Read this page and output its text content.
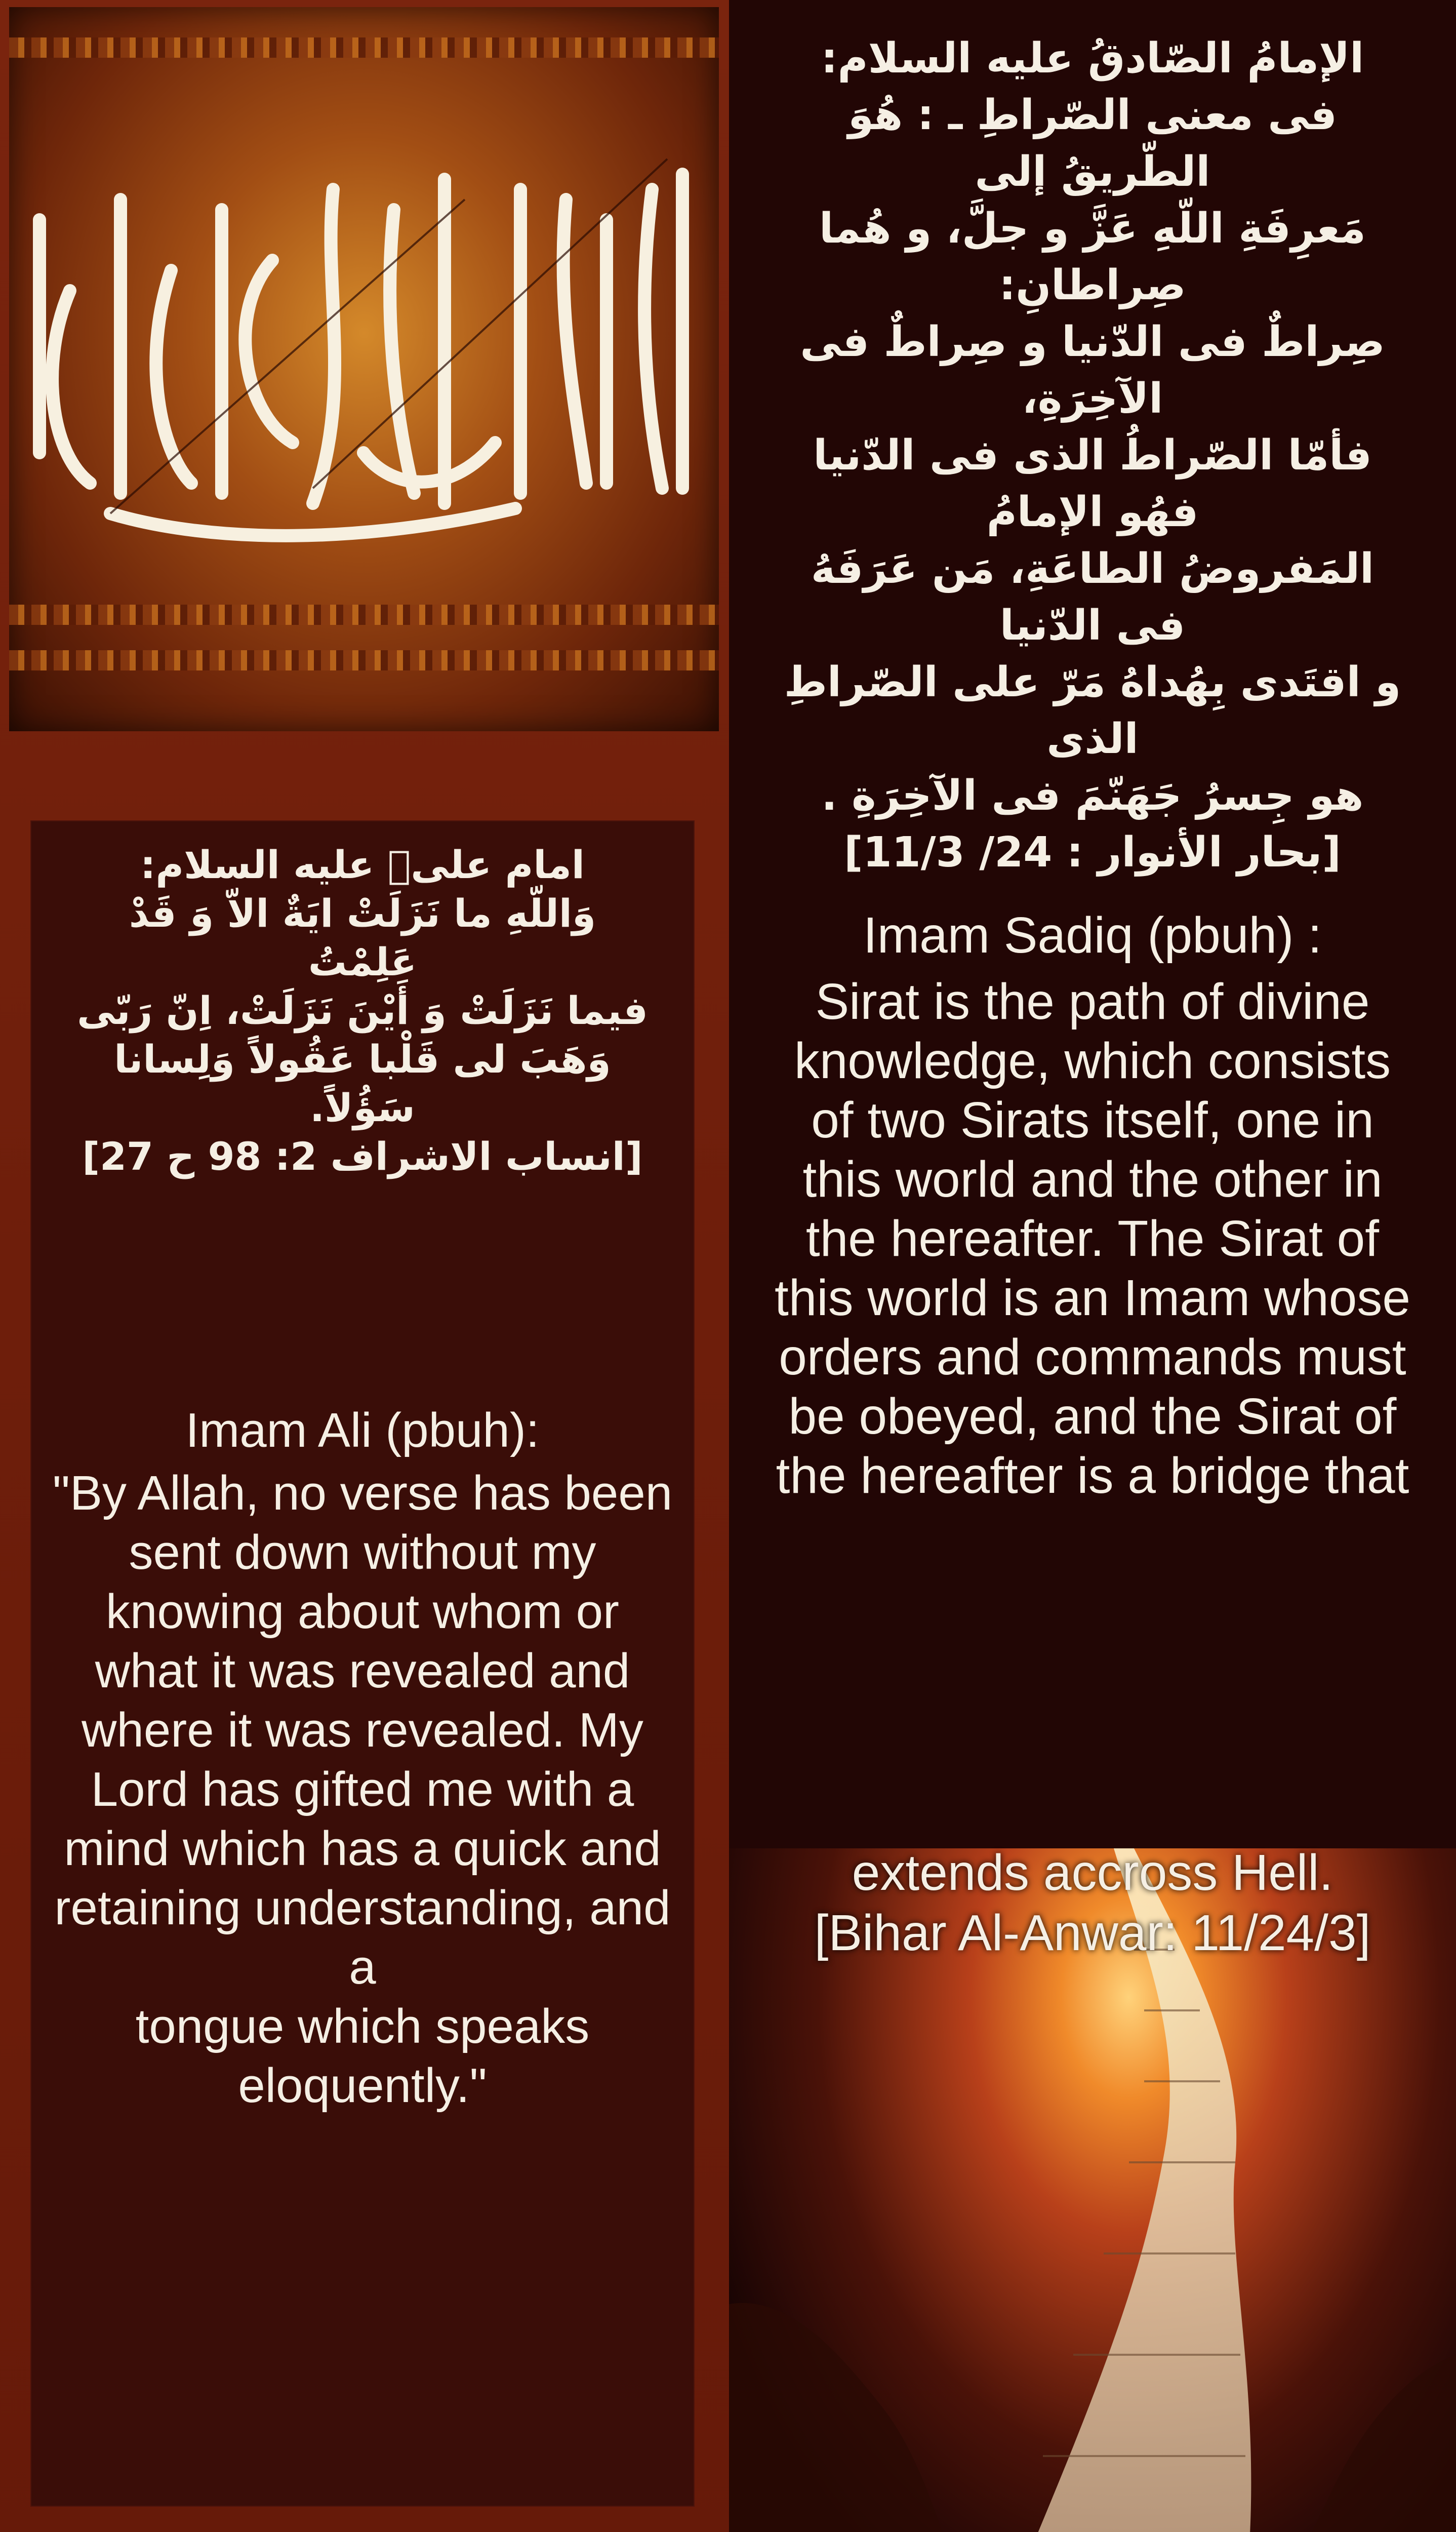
امام علیؑ علیه السلام:
وَاللّهِ ما نَزَلَتْ ایَةٌ الاّ وَ قَدْ عَلِمْتُ
فیما نَزَلَتْ وَ أَیْنَ نَزَلَتْ، اِنّ رَبّی
وَهَبَ لی قَلْبا عَقُولاً وَلِسانا سَؤُلاً.
[انساب الاشراف 2: 98 ح 27]
Imam Ali (pbuh):
"By Allah, no verse has been
sent down without my
knowing about whom or
what it was revealed and
where it was revealed. My
Lord has gifted me with a
mind which has a quick and
retaining understanding, and a
tongue which speaks eloquently."
الإمامُ الصّادقُ علیه السلام:
فی معنی الصّراطِ ـ : هُوَ الطّریقُ إلی
مَعرِفَةِ اللّهِ عَزَّ و جلَّ، و هُما صِراطانِ:
صِراطٌ فی الدّنیا و صِراطٌ فی الآخِرَةِ،
فأمّا الصّراطُ الذی فی الدّنیا فهُو الإمامُ
المَفروضُ الطاعَةِ، مَن عَرَفَهُ فی الدّنیا
و اقتَدی بِهُداهُ مَرّ علی الصّراطِ الذی
هو جِسرُ جَهَنّمَ فی الآخِرَةِ .
[بحار الأنوار : 24/ 11/3]
Imam Sadiq (pbuh) :
Sirat is the path of divine
knowledge, which consists
of two Sirats itself, one in
this world and the other in
the hereafter. The Sirat of
this world is an Imam whose
orders and commands must
be obeyed, and the Sirat of
the hereafter is a bridge that
extends accross Hell.
[Bihar Al-Anwar: 11/24/3]
